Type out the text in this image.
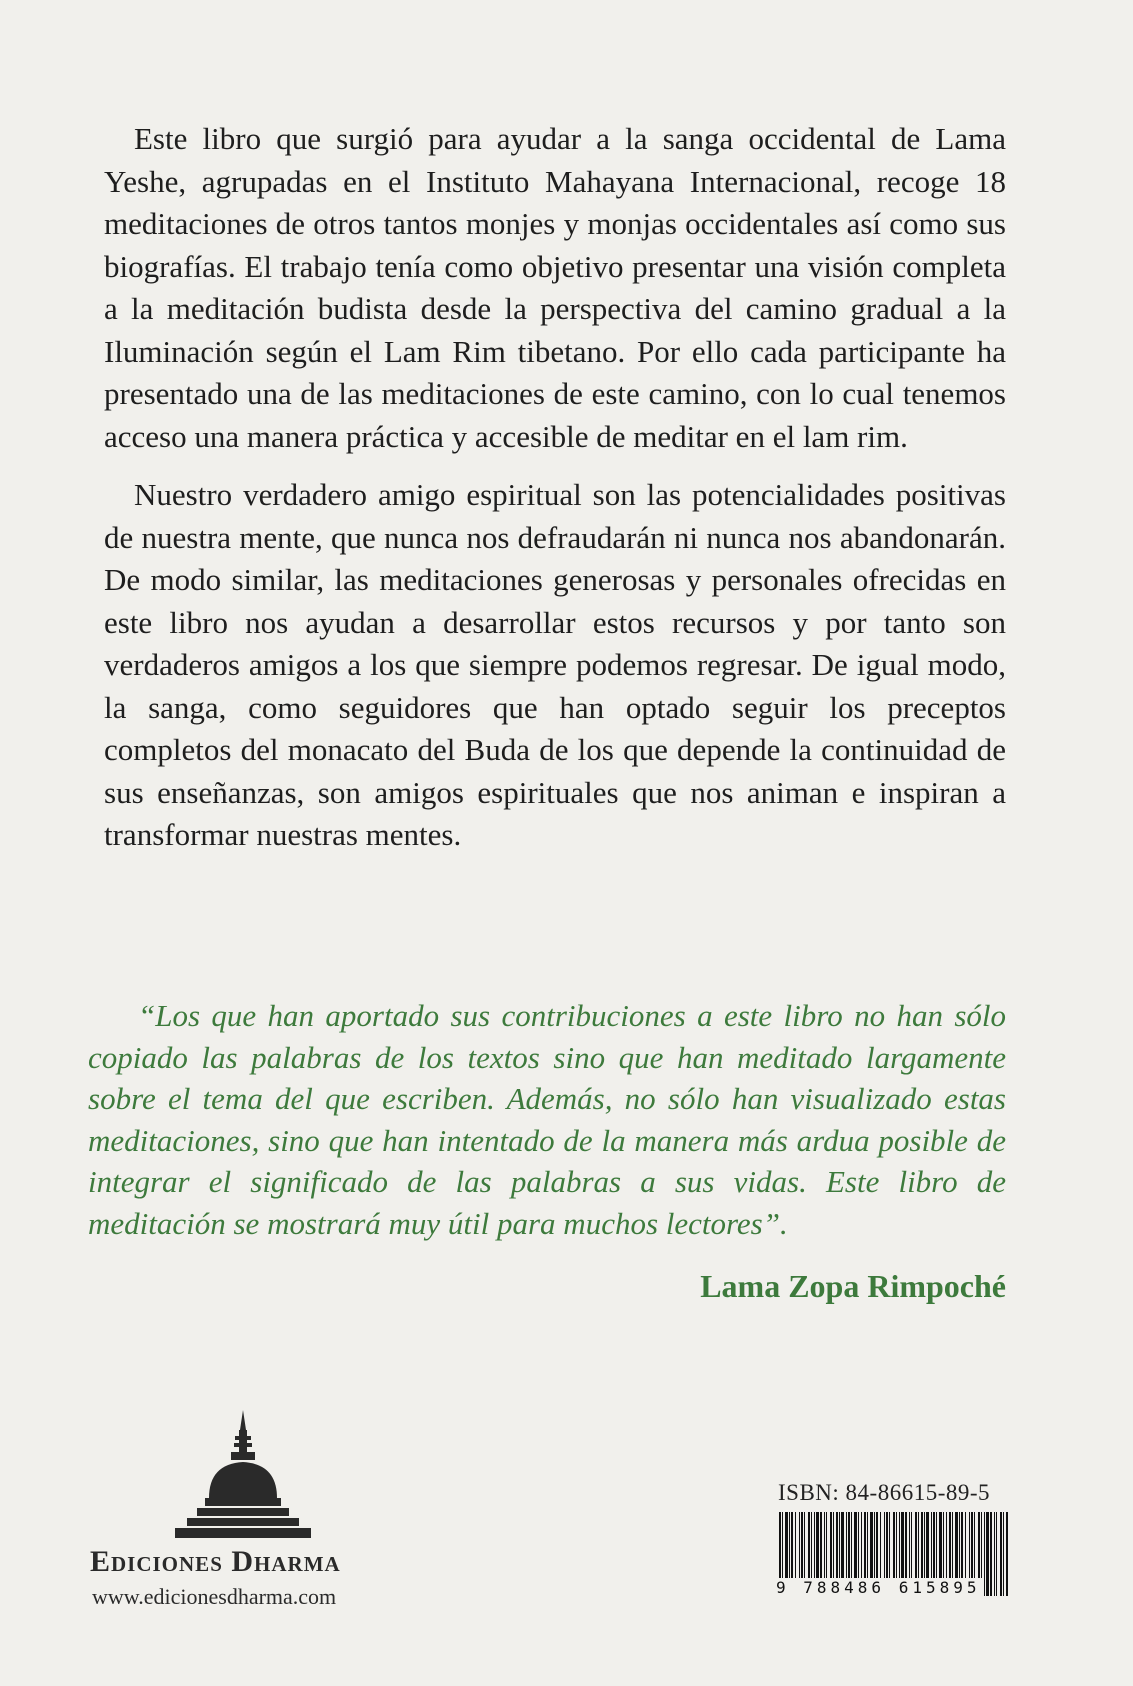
Este libro que surgió para ayudar a la sanga occidental de Lama Yeshe, agrupadas en el Instituto Mahayana Internacional, recoge 18 meditaciones de otros tantos monjes y monjas occidentales así como sus biografías. El trabajo tenía como objetivo presentar una visión completa a la meditación budista desde la perspectiva del camino gradual a la Iluminación según el Lam Rim tibetano. Por ello cada participante ha presentado una de las meditaciones de este camino, con lo cual tenemos acceso una manera práctica y accesible de meditar en el lam rim.

Nuestro verdadero amigo espiritual son las potencialidades positivas de nuestra mente, que nunca nos defraudarán ni nunca nos abandonarán. De modo similar, las meditaciones generosas y personales ofrecidas en este libro nos ayudan a desarrollar estos recursos y por tanto son verdaderos amigos a los que siempre podemos regresar. De igual modo, la sanga, como seguidores que han optado seguir los preceptos completos del monacato del Buda de los que depende la continuidad de sus enseñanzas, son amigos espirituales que nos animan e inspiran a transformar nuestras mentes.

“Los que han aportado sus contribuciones a este libro no han sólo copiado las palabras de los textos sino que han meditado largamente sobre el tema del que escriben. Además, no sólo han visualizado estas meditaciones, sino que han intentado de la manera más ardua posible de integrar el significado de las palabras a sus vidas. Este libro de meditación se mostrará muy útil para muchos lectores”.

Lama Zopa Rimpoché
Ediciones Dharma
www.edicionesdharma.com
ISBN: 84-86615-89-5
9 788486 615895
